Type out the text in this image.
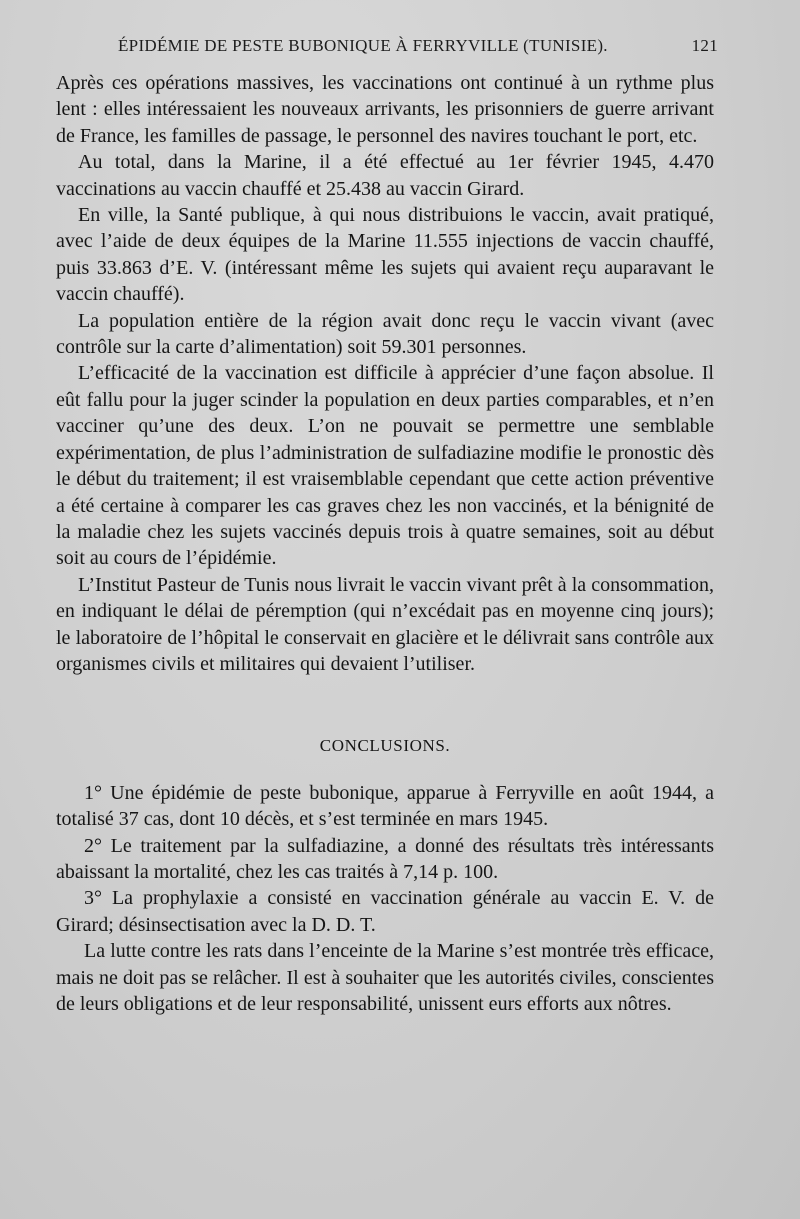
ÉPIDÉMIE DE PESTE BUBONIQUE À FERRYVILLE (TUNISIE).	121

Après ces opérations massives, les vaccinations ont continué à un rythme plus lent : elles intéressaient les nouveaux arrivants, les prisonniers de guerre arrivant de France, les familles de passage, le personnel des navires touchant le port, etc.

Au total, dans la Marine, il a été effectué au 1er février 1945, 4.470 vaccinations au vaccin chauffé et 25.438 au vaccin Girard.

En ville, la Santé publique, à qui nous distribuions le vaccin, avait pratiqué, avec l’aide de deux équipes de la Marine 11.555 injections de vaccin chauffé, puis 33.863 d’E. V. (intéressant même les sujets qui avaient reçu auparavant le vaccin chauffé).

La population entière de la région avait donc reçu le vaccin vivant (avec contrôle sur la carte d’alimentation) soit 59.301 personnes.

L’efficacité de la vaccination est difficile à apprécier d’une façon absolue. Il eût fallu pour la juger scinder la population en deux parties comparables, et n’en vacciner qu’une des deux. L’on ne pouvait se permettre une semblable expérimentation, de plus l’administration de sulfadiazine modifie le pronostic dès le début du traitement; il est vraisemblable cependant que cette action préventive a été certaine à comparer les cas graves chez les non vaccinés, et la bénignité de la maladie chez les sujets vaccinés depuis trois à quatre semaines, soit au début soit au cours de l’épidémie.

L’Institut Pasteur de Tunis nous livrait le vaccin vivant prêt à la consommation, en indiquant le délai de péremption (qui n’excédait pas en moyenne cinq jours); le laboratoire de l’hôpital le conservait en glacière et le délivrait sans contrôle aux organismes civils et militaires qui devaient l’utiliser.

CONCLUSIONS.

1° Une épidémie de peste bubonique, apparue à Ferryville en août 1944, a totalisé 37 cas, dont 10 décès, et s’est terminée en mars 1945.

2° Le traitement par la sulfadiazine, a donné des résultats très intéressants abaissant la mortalité, chez les cas traités à 7,14 p. 100.

3° La prophylaxie a consisté en vaccination générale au vaccin E. V. de Girard; désinsectisation avec la D. D. T.

La lutte contre les rats dans l’enceinte de la Marine s’est montrée très efficace, mais ne doit pas se relâcher. Il est à souhaiter que les autorités civiles, conscientes de leurs obligations et de leur responsabilité, unissent eurs efforts aux nôtres.
